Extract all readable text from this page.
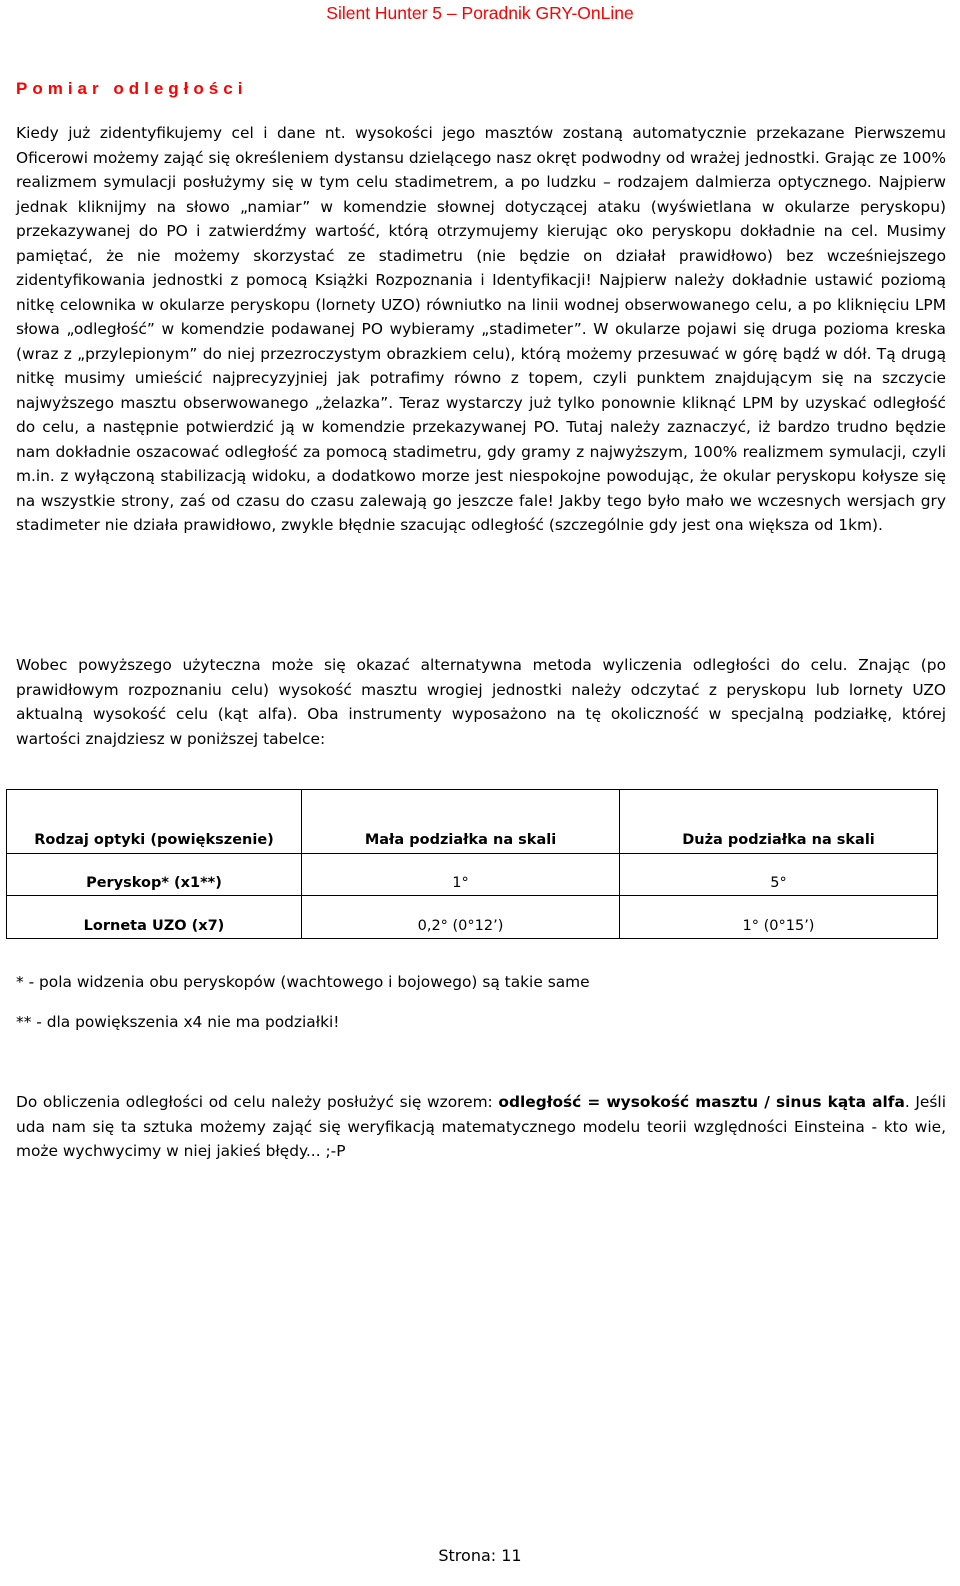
Silent Hunter 5 – Poradnik GRY-OnLine
Pomiar odległości

Kiedy już zidentyfikujemy cel i dane nt. wysokości jego masztów zostaną automatycznie przekazane Pierwszemu Oficerowi możemy zająć się określeniem dystansu dzielącego nasz okręt podwodny od wrażej jednostki. Grając ze 100% realizmem symulacji posłużymy się w tym celu stadimetrem, a po ludzku – rodzajem dalmierza optycznego. Najpierw jednak kliknijmy na słowo „namiar” w komendzie słownej dotyczącej ataku (wyświetlana w okularze peryskopu) przekazywanej do PO i zatwierdźmy wartość, którą otrzymujemy kierując oko peryskopu dokładnie na cel. Musimy pamiętać, że nie możemy skorzystać ze stadimetru (nie będzie on działał prawidłowo) bez wcześniejszego zidentyfikowania jednostki z pomocą Książki Rozpoznania i Identyfikacji! Najpierw należy dokładnie ustawić poziomą nitkę celownika w okularze peryskopu (lornety UZO) równiutko na linii wodnej obserwowanego celu, a po kliknięciu LPM słowa „odległość” w komendzie podawanej PO wybieramy „stadimeter”. W okularze pojawi się druga pozioma kreska (wraz z „przylepionym” do niej przezroczystym obrazkiem celu), którą możemy przesuwać w górę bądź w dół. Tą drugą nitkę musimy umieścić najprecyzyjniej jak potrafimy równo z topem, czyli punktem znajdującym się na szczycie najwyższego masztu obserwowanego „żelazka”. Teraz wystarczy już tylko ponownie kliknąć LPM by uzyskać odległość do celu, a następnie potwierdzić ją w komendzie przekazywanej PO. Tutaj należy zaznaczyć, iż bardzo trudno będzie nam dokładnie oszacować odległość za pomocą stadimetru, gdy gramy z najwyższym, 100% realizmem symulacji, czyli m.in. z wyłączoną stabilizacją widoku, a dodatkowo morze jest niespokojne powodując, że okular peryskopu kołysze się na wszystkie strony, zaś od czasu do czasu zalewają go jeszcze fale! Jakby tego było mało we wczesnych wersjach gry stadimeter nie działa prawidłowo, zwykle błędnie szacując odległość (szczególnie gdy jest ona większa od 1km).

Wobec powyższego użyteczna może się okazać alternatywna metoda wyliczenia odległości do celu. Znając (po prawidłowym rozpoznaniu celu) wysokość masztu wrogiej jednostki należy odczytać z peryskopu lub lornety UZO aktualną wysokość celu (kąt alfa). Oba instrumenty wyposażono na tę okoliczność w specjalną podziałkę, której wartości znajdziesz w poniższej tabelce:

Rodzaj optyki (powiększenie)	Mała podziałka na skali	Duża podziałka na skali
Peryskop* (x1**)	1°	5°
Lorneta UZO (x7)	0,2° (0°12’)	1° (0°15’)

* - pola widzenia obu peryskopów (wachtowego i bojowego) są takie same

** - dla powiększenia x4 nie ma podziałki!

Do obliczenia odległości od celu należy posłużyć się wzorem: odległość = wysokość masztu / sinus kąta alfa. Jeśli uda nam się ta sztuka możemy zająć się weryfikacją matematycznego modelu teorii względności Einsteina - kto wie, może wychwycimy w niej jakieś błędy... ;-P

Strona: 11
